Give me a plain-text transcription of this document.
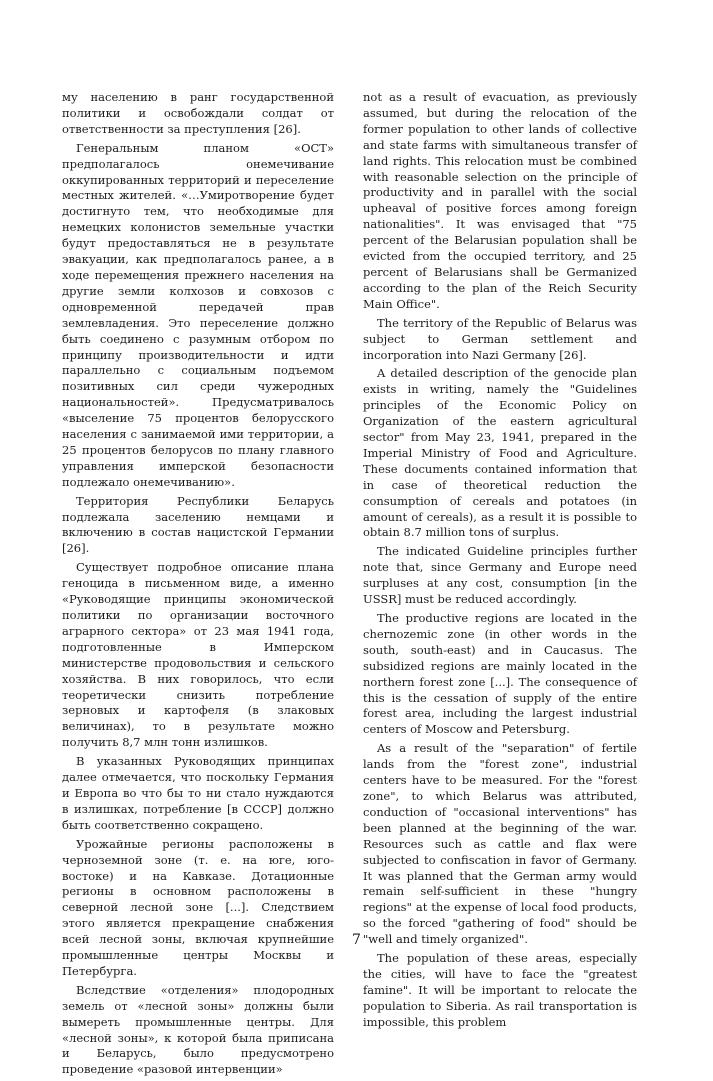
му населению в ранг государственной политики и освобождали солдат от ответственности за преступления [26].

Генеральным планом «ОСТ» предполагалось онемечивание оккупированных территорий и переселение местных жителей. «…Умиротворение будет достигнуто тем, что необходимые для немецких колонистов земельные участки будут предоставляться не в результате эвакуации, как предполагалось ранее, а в ходе перемещения прежнего населения на другие земли колхозов и совхозов с одновременной передачей прав землевладения. Это переселение должно быть соединено с разумным отбором по принципу производительности и идти параллельно с социальным подъемом позитивных сил среди чужеродных национальностей». Предусматривалось «выселение 75 процентов белорусского населения с занимаемой ими территории, а 25 процентов белорусов по плану главного управления имперской безопасности подлежало онемечиванию».

Территория Республики Беларусь подлежала заселению немцами и включению в состав нацистской Германии [26].

Существует подробное описание плана геноцида в письменном виде, а именно «Руководящие принципы экономической политики по организации восточного аграрного сектора» от 23 мая 1941 года, подготовленные в Имперском министерстве продовольствия и сельского хозяйства. В них говорилось, что если теоретически снизить потребление зерновых и картофеля (в злаковых величинах), то в результате можно получить 8,7 млн тонн излишков.

В указанных Руководящих принципах далее отмечается, что поскольку Германия и Европа во что бы то ни стало нуждаются в излишках, потребление [в СССР] должно быть соответственно сокращено.

Урожайные регионы расположены в черноземной зоне (т. е. на юге, юго-востоке) и на Кавказе. Дотационные регионы в основном расположены в северной лесной зоне [...]. Следствием этого является прекращение снабжения всей лесной зоны, включая крупнейшие промышленные центры Москвы и Петербурга.

Вследствие «отделения» плодородных земель от «лесной зоны» должны были вымереть промышленные центры. Для «лесной зоны», к которой была приписана и Беларусь, было предусмотрено проведение «разовой интервенции»

not as a result of evacuation, as previously assumed, but during the relocation of the former population to other lands of collective and state farms with simultaneous transfer of land rights. This relocation must be combined with reasonable selection on the principle of productivity and in parallel with the social upheaval of positive forces among foreign nationalities". It was envisaged that "75 percent of the Belarusian population shall be evicted from the occupied territory, and 25 percent of Belarusians shall be Germanized according to the plan of the Reich Security Main Office".

The territory of the Republic of Belarus was subject to German settlement and incorporation into Nazi Germany [26].

A detailed description of the genocide plan exists in writing, namely the "Guidelines principles of the Economic Policy on Organization of the eastern agricultural sector" from May 23, 1941, prepared in the Imperial Ministry of Food and Agriculture. These documents contained information that in case of theoretical reduction the consumption of cereals and potatoes (in amount of cereals), as a result it is possible to obtain 8.7 million tons of surplus.

The indicated Guideline principles further note that, since Germany and Europe need surpluses at any cost, consumption [in the USSR] must be reduced accordingly.

The productive regions are located in the chernozemic zone (in other words in the south, south-east) and in Caucasus. The subsidized regions are mainly located in the northern forest zone [...]. The consequence of this is the cessation of supply of the entire forest area, including the largest industrial centers of Moscow and Petersburg.

As a result of the "separation" of fertile lands from the "forest zone", industrial centers have to be measured. For the "forest zone", to which Belarus was attributed, conduction of "occasional interventions" has been planned at the beginning of the war. Resources such as cattle and flax were subjected to confiscation in favor of Germany. It was planned that the German army would remain self-sufficient in these "hungry regions" at the expense of local food products, so the forced "gathering of food" should be "well and timely organized".

The population of these areas, especially the cities, will have to face the "greatest famine". It will be important to relocate the population to Siberia. As rail transportation is impossible, this problem

7
